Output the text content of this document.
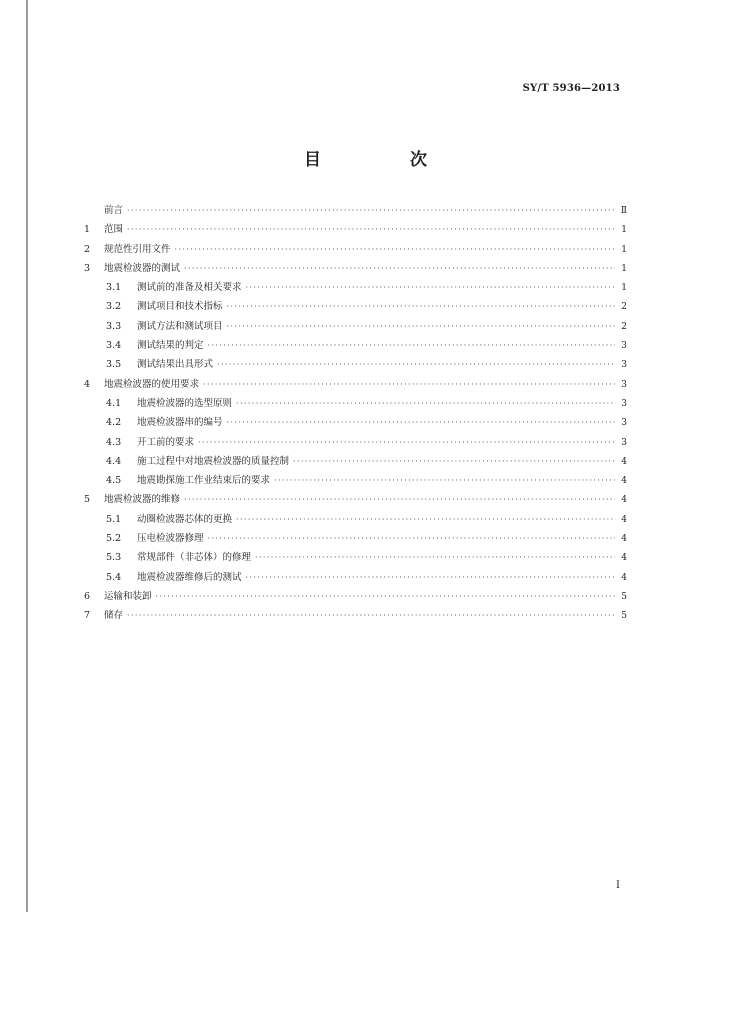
SY/T 5936—2013
目　次
前言 ·····	Ⅱ
1	范围 ·····	1
2	规范性引用文件 ·····	1
3	地震检波器的测试 ·····	1
3.1	测试前的准备及相关要求 ·····	1
3.2	测试项目和技术指标 ·····	2
3.3	测试方法和测试项目 ·····	2
3.4	测试结果的判定 ·····	3
3.5	测试结果出具形式 ·····	3
4	地震检波器的使用要求 ·····	3
4.1	地震检波器的选型原则 ·····	3
4.2	地震检波器串的编号 ·····	3
4.3	开工前的要求 ·····	3
4.4	施工过程中对地震检波器的质量控制 ·····	4
4.5	地震勘探施工作业结束后的要求 ·····	4
5	地震检波器的维修 ·····	4
5.1	动圈检波器芯体的更换 ·····	4
5.2	压电检波器修理 ·····	4
5.3	常规部件（非芯体）的修理 ·····	4
5.4	地震检波器维修后的测试 ·····	4
6	运输和装卸 ·····	5
7	储存 ·····	5
I
